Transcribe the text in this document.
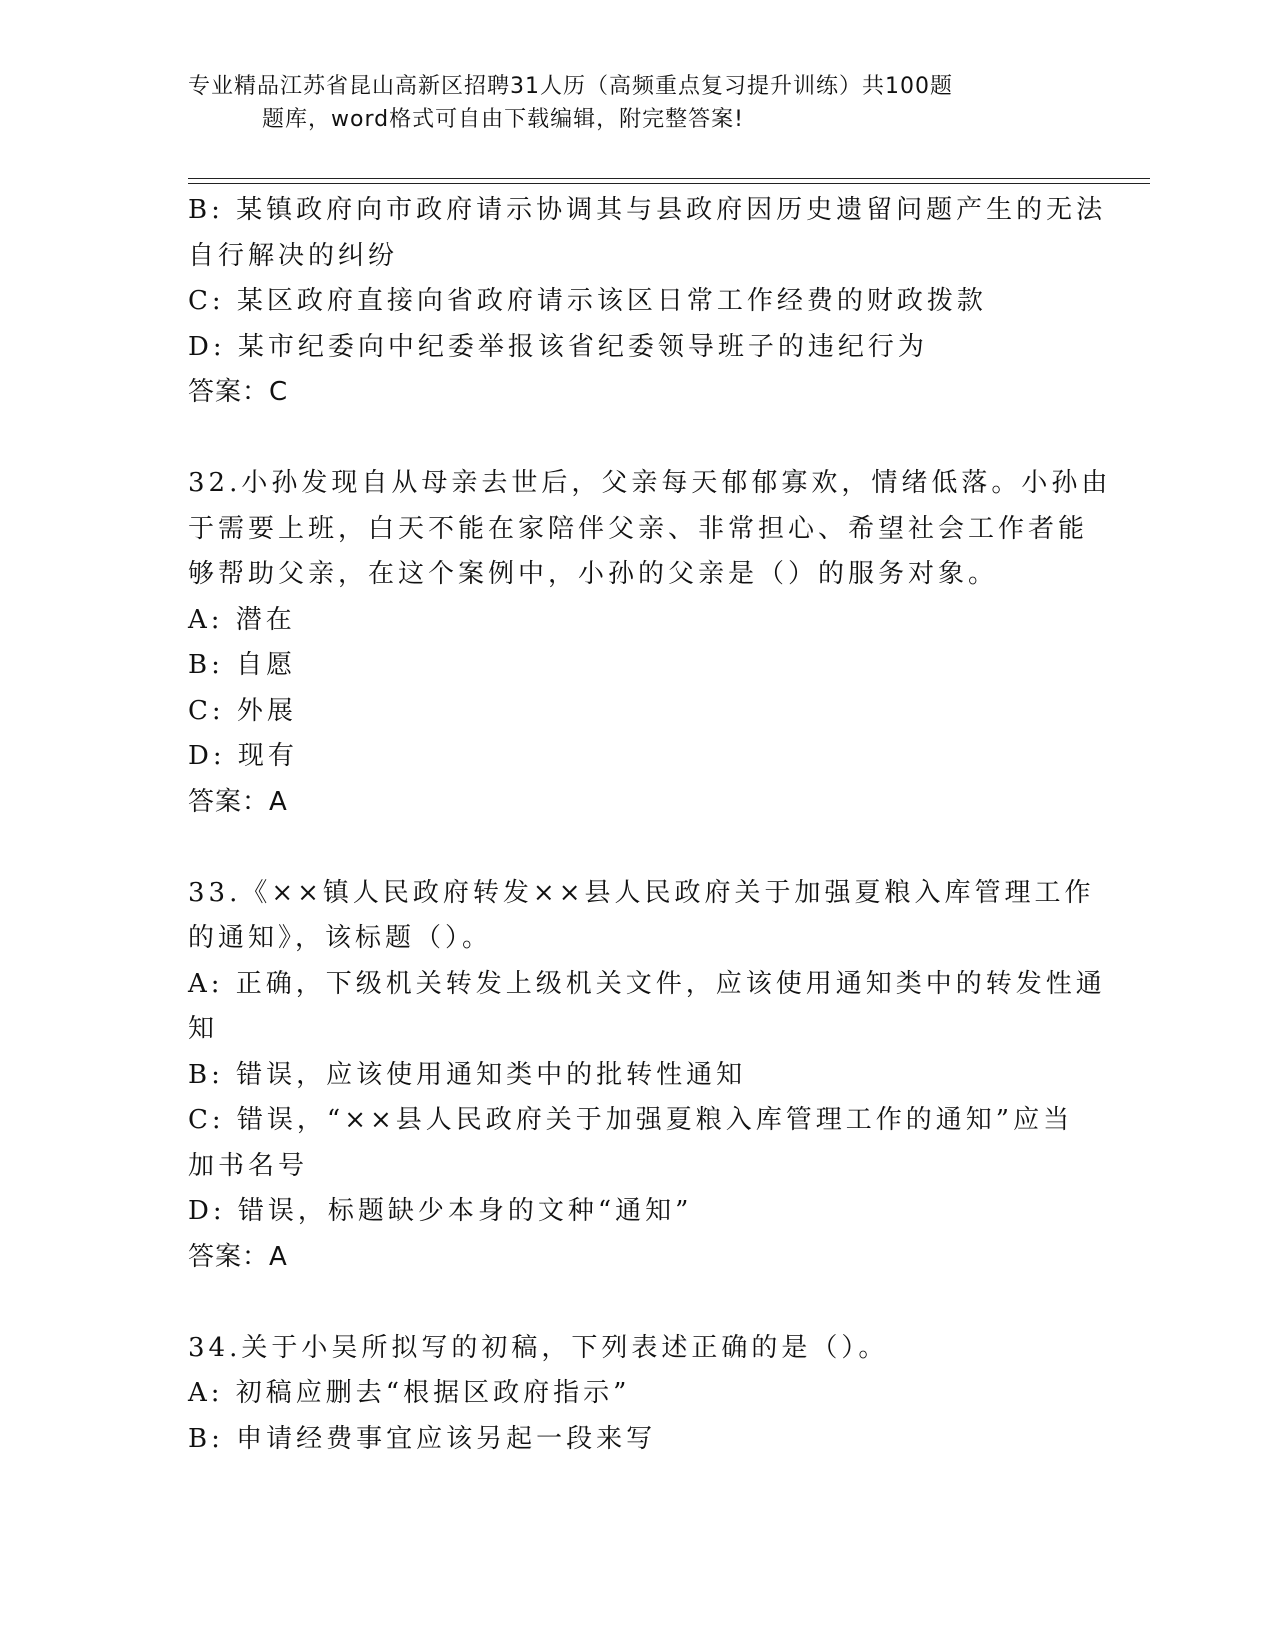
专业精品江苏省昆山高新区招聘31人历（高频重点复习提升训练）共100题
题库，word格式可自由下载编辑，附完整答案!
B: 某镇政府向市政府请示协调其与县政府因历史遗留问题产生的无法
自行解决的纠纷
C: 某区政府直接向省政府请示该区日常工作经费的财政拨款
D: 某市纪委向中纪委举报该省纪委领导班子的违纪行为
答案：C
32.小孙发现自从母亲去世后，父亲每天郁郁寡欢，情绪低落。小孙由
于需要上班，白天不能在家陪伴父亲、非常担心、希望社会工作者能
够帮助父亲，在这个案例中，小孙的父亲是（）的服务对象。
A: 潜在
B: 自愿
C: 外展
D: 现有
答案：A
33.《××镇人民政府转发××县人民政府关于加强夏粮入库管理工作
的通知》，该标题（）。
A: 正确，下级机关转发上级机关文件，应该使用通知类中的转发性通
知
B: 错误，应该使用通知类中的批转性通知
C: 错误，“××县人民政府关于加强夏粮入库管理工作的通知”应当
加书名号
D: 错误，标题缺少本身的文种“通知”
答案：A
34.关于小吴所拟写的初稿，下列表述正确的是（）。
A: 初稿应删去“根据区政府指示”
B: 申请经费事宜应该另起一段来写
